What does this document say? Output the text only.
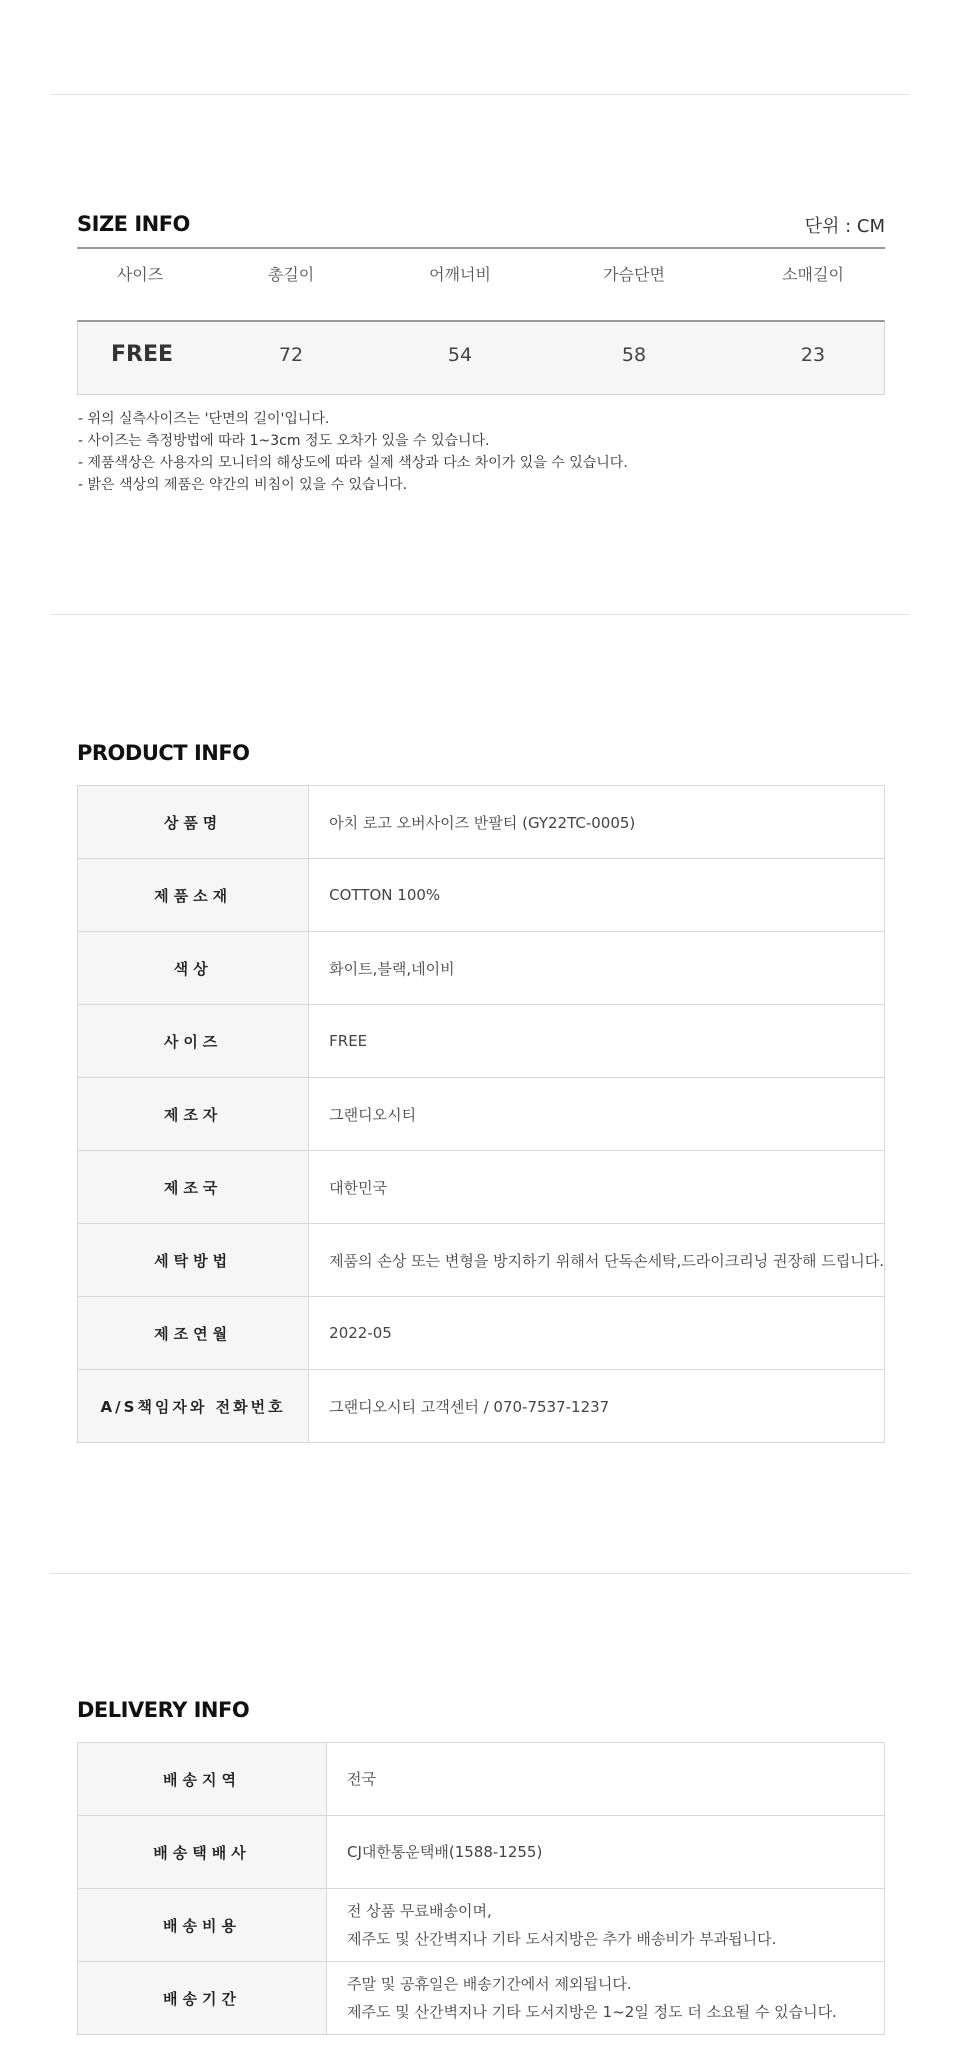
SIZE INFO	단위 : CM
사이즈	총길이	어깨너비	가슴단면	소매길이
FREE	72	54	58	23
- 위의 실측사이즈는 '단면의 길이'입니다.
- 사이즈는 측정방법에 따라 1~3cm 정도 오차가 있을 수 있습니다.
- 제품색상은 사용자의 모니터의 해상도에 따라 실제 색상과 다소 차이가 있을 수 있습니다.
- 밝은 색상의 제품은 약간의 비침이 있을 수 있습니다.
PRODUCT INFO
상품명	아치 로고 오버사이즈 반팔티 (GY22TC-0005)
제품소재	COTTON 100%
색상	화이트,블랙,네이비
사이즈	FREE
제조자	그랜디오시티
제조국	대한민국
세탁방법	제품의 손상 또는 변형을 방지하기 위해서 단독손세탁,드라이크리닝 권장해 드립니다.
제조연월	2022-05
A/S책임자와 전화번호	그랜디오시티 고객센터 / 070-7537-1237
DELIVERY INFO
배송지역	전국

배송택배사	CJ대한통운택배(1588-1255)

배송비용	전 상품 무료배송이며,
제주도 및 산간벽지나 기타 도서지방은 추가 배송비가 부과됩니다.

배송기간	주말 및 공휴일은 배송기간에서 제외됩니다.
제주도 및 산간벽지나 기타 도서지방은 1~2일 정도 더 소요될 수 있습니다.
